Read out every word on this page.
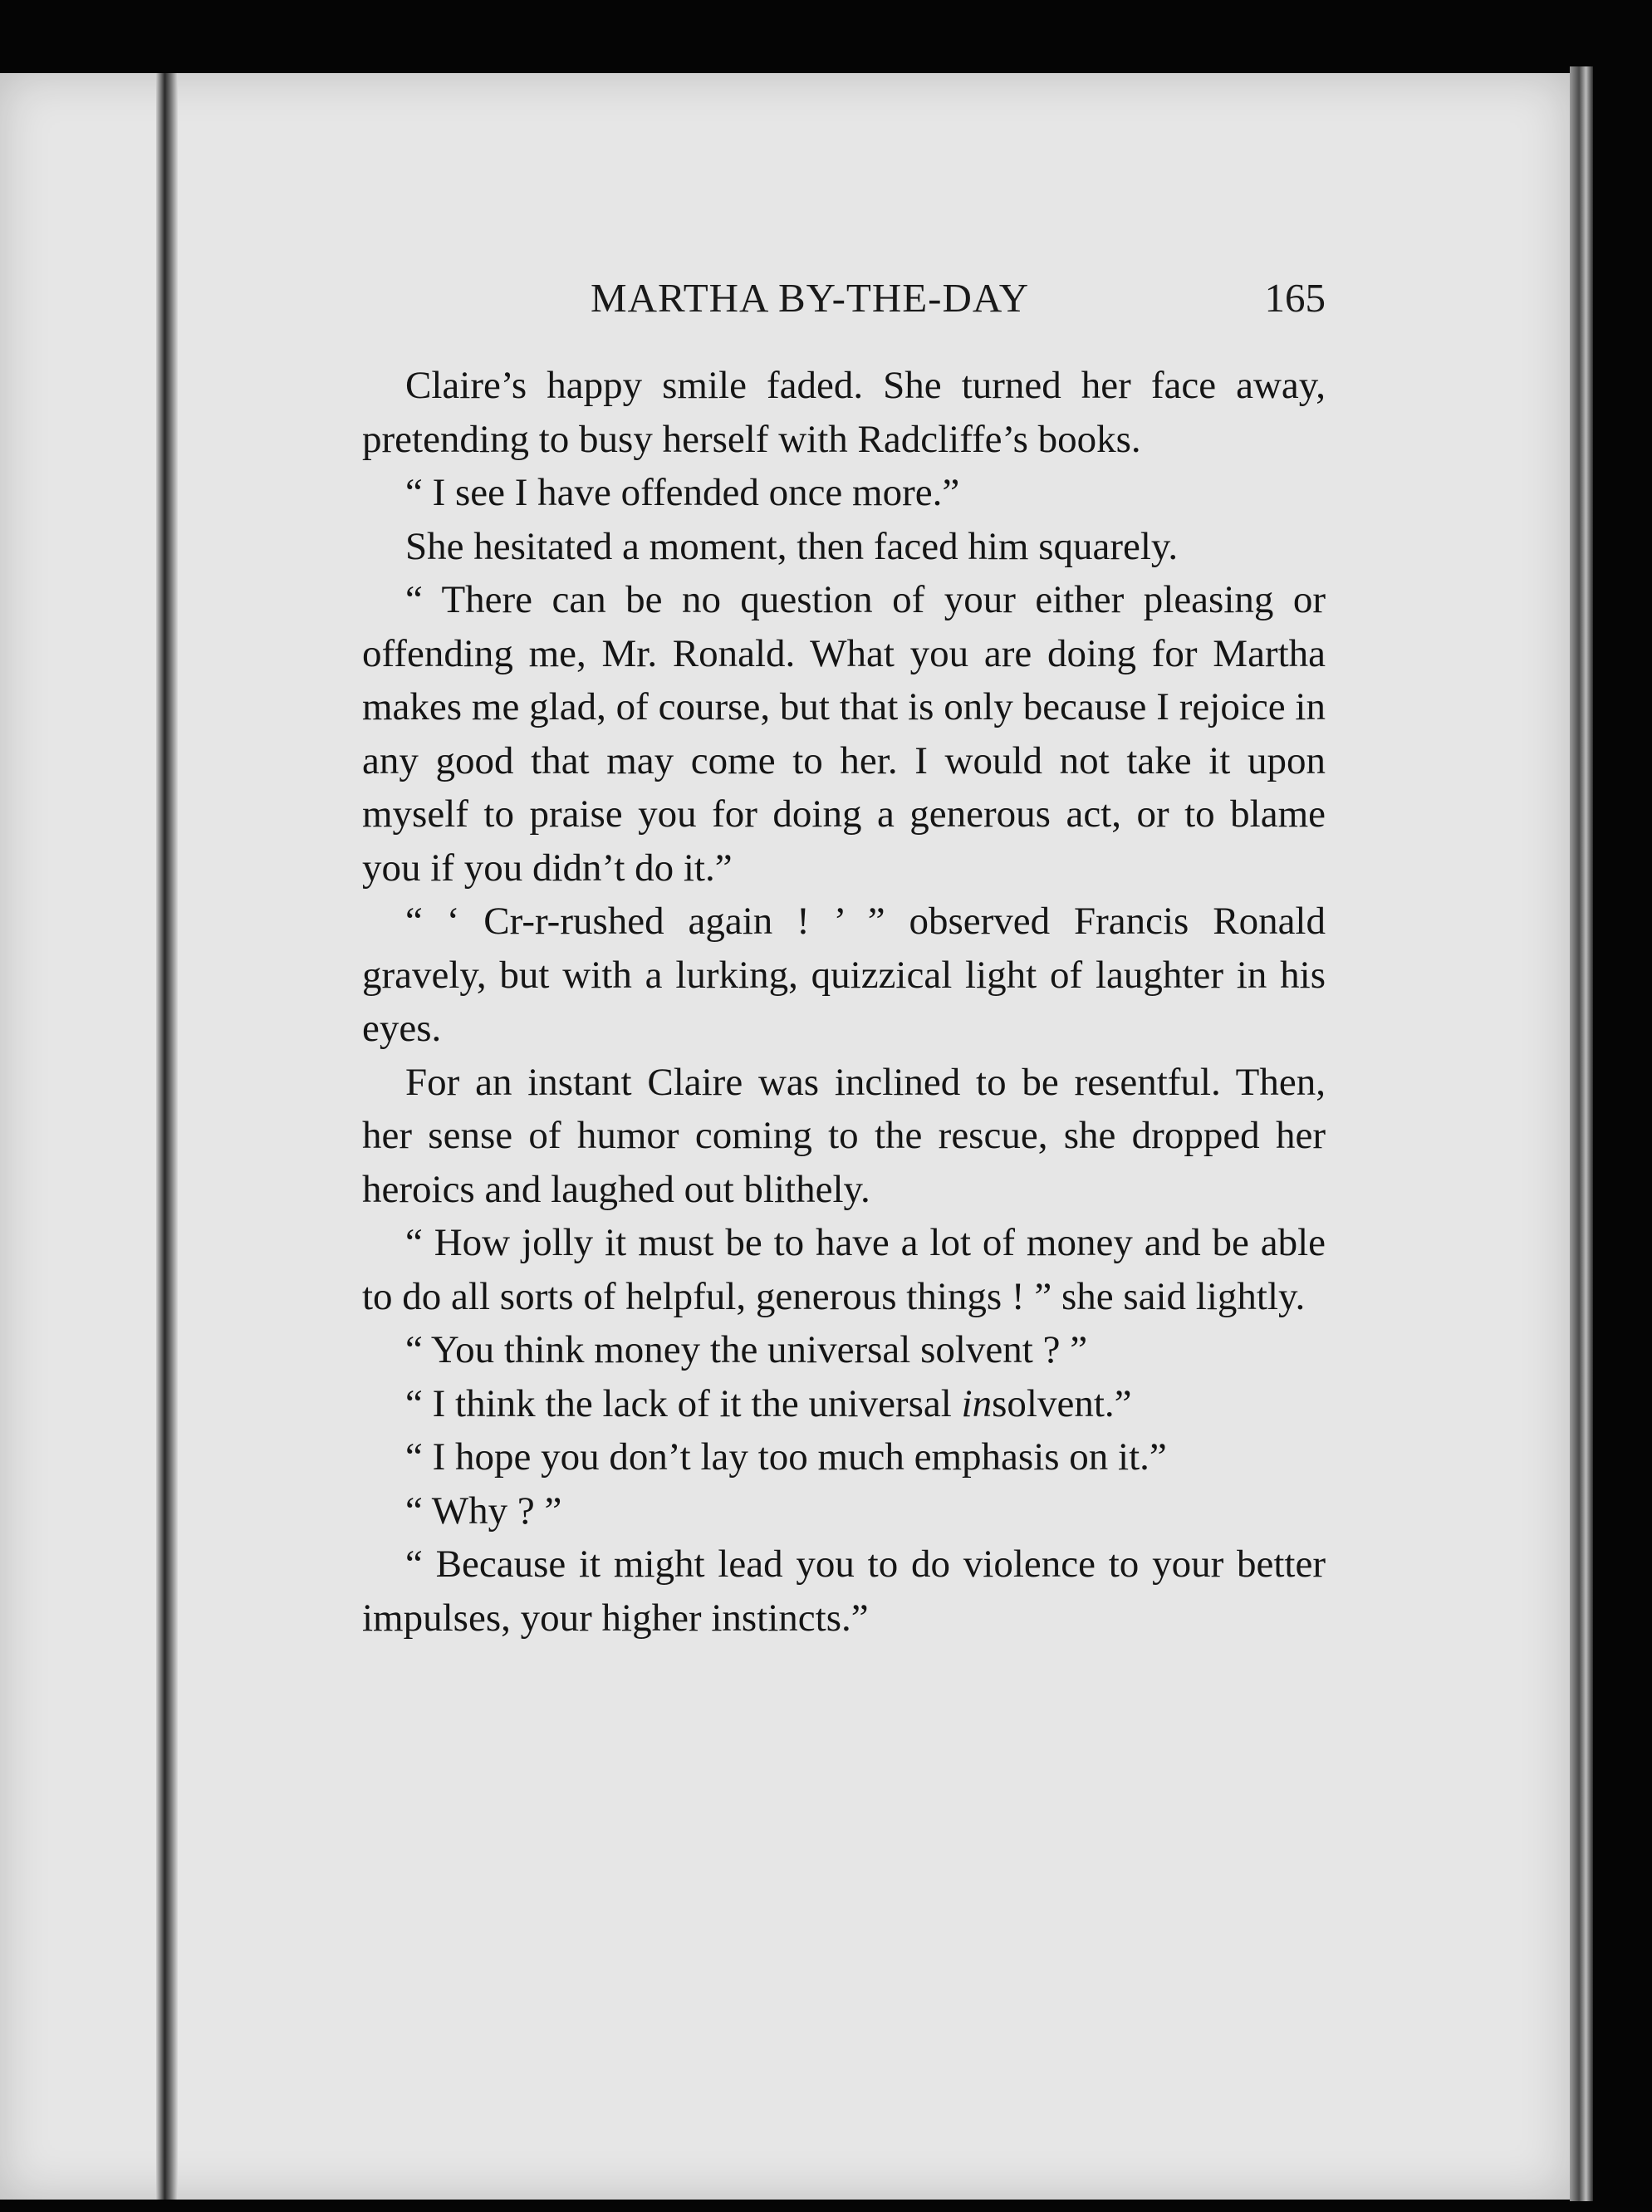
MARTHA BY-THE-DAY	165

Claire’s happy smile faded. She turned her face away, pretending to busy herself with Radcliffe’s books.

“ I see I have offended once more.”

She hesitated a moment, then faced him squarely.

“ There can be no question of your either pleasing or offending me, Mr. Ronald. What you are doing for Martha makes me glad, of course, but that is only because I rejoice in any good that may come to her. I would not take it upon myself to praise you for doing a generous act, or to blame you if you didn’t do it.”

“ ‘ Cr-r-rushed again ! ’ ” observed Francis Ronald gravely, but with a lurking, quizzical light of laughter in his eyes.

For an instant Claire was inclined to be resentful. Then, her sense of humor coming to the rescue, she dropped her heroics and laughed out blithely.

“ How jolly it must be to have a lot of money and be able to do all sorts of helpful, generous things ! ” she said lightly.

“ You think money the universal solvent ? ”

“ I think the lack of it the universal insolvent.”

“ I hope you don’t lay too much emphasis on it.”

“ Why ? ”

“ Because it might lead you to do violence to your better impulses, your higher instincts.”
